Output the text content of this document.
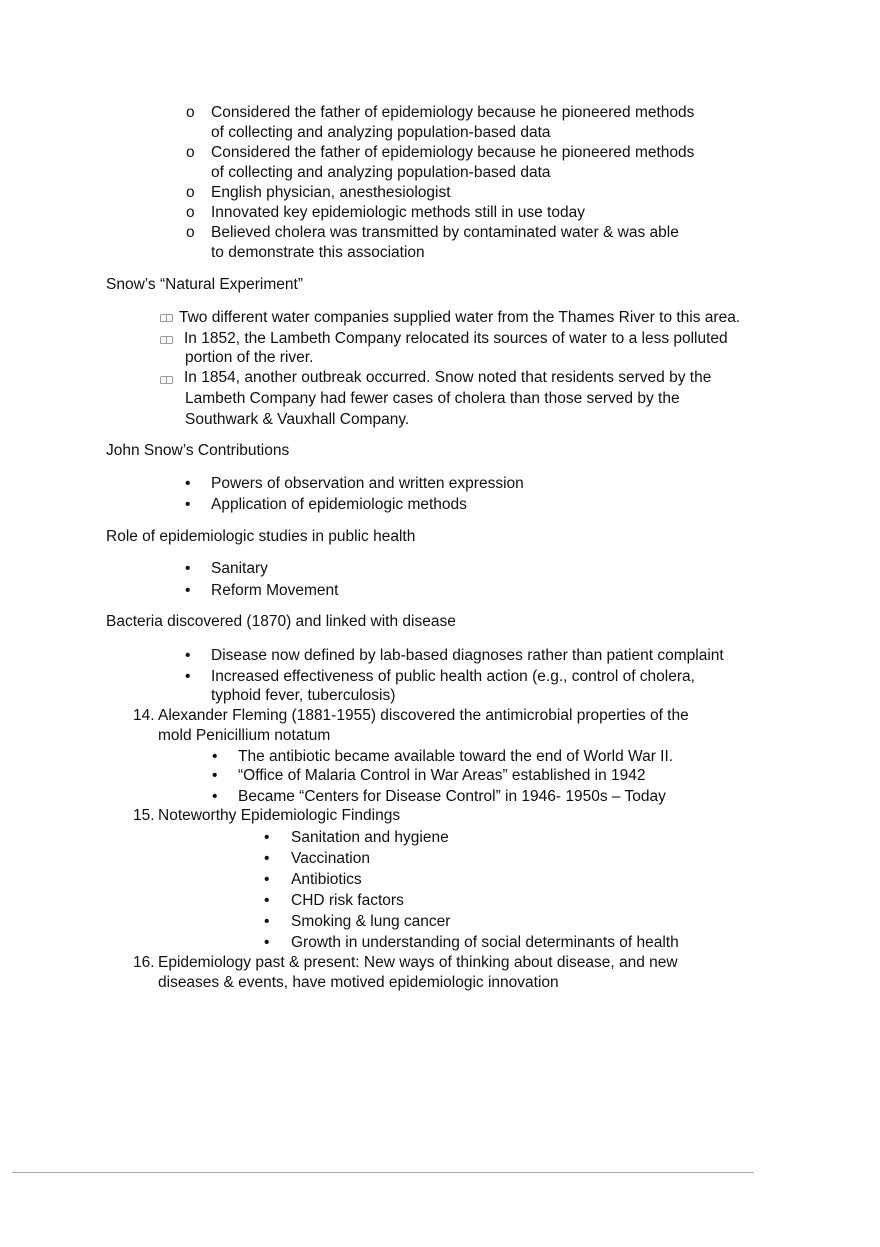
o Considered the father of epidemiology because he pioneered methods
of collecting and analyzing population-based data
o Considered the father of epidemiology because he pioneered methods
of collecting and analyzing population-based data
o English physician, anesthesiologist
o Innovated key epidemiologic methods still in use today
o Believed cholera was transmitted by contaminated water & was able
to demonstrate this association
Snow’s “Natural Experiment”
Two different water companies supplied water from the Thames River to this area.
In 1852, the Lambeth Company relocated its sources of water to a less polluted
portion of the river.
In 1854, another outbreak occurred. Snow noted that residents served by the
Lambeth Company had fewer cases of cholera than those served by the
Southwark & Vauxhall Company.
John Snow’s Contributions
• Powers of observation and written expression
• Application of epidemiologic methods
Role of epidemiologic studies in public health
• Sanitary
• Reform Movement
Bacteria discovered (1870) and linked with disease
• Disease now defined by lab-based diagnoses rather than patient complaint
• Increased effectiveness of public health action (e.g., control of cholera,
typhoid fever, tuberculosis)
14. Alexander Fleming (1881-1955) discovered the antimicrobial properties of the
mold Penicillium notatum
• The antibiotic became available toward the end of World War II.
• “Office of Malaria Control in War Areas” established in 1942
• Became “Centers for Disease Control” in 1946- 1950s – Today
15. Noteworthy Epidemiologic Findings
• Sanitation and hygiene
• Vaccination
• Antibiotics
• CHD risk factors
• Smoking & lung cancer
• Growth in understanding of social determinants of health
16. Epidemiology past & present: New ways of thinking about disease, and new
diseases & events, have motived epidemiologic innovation
